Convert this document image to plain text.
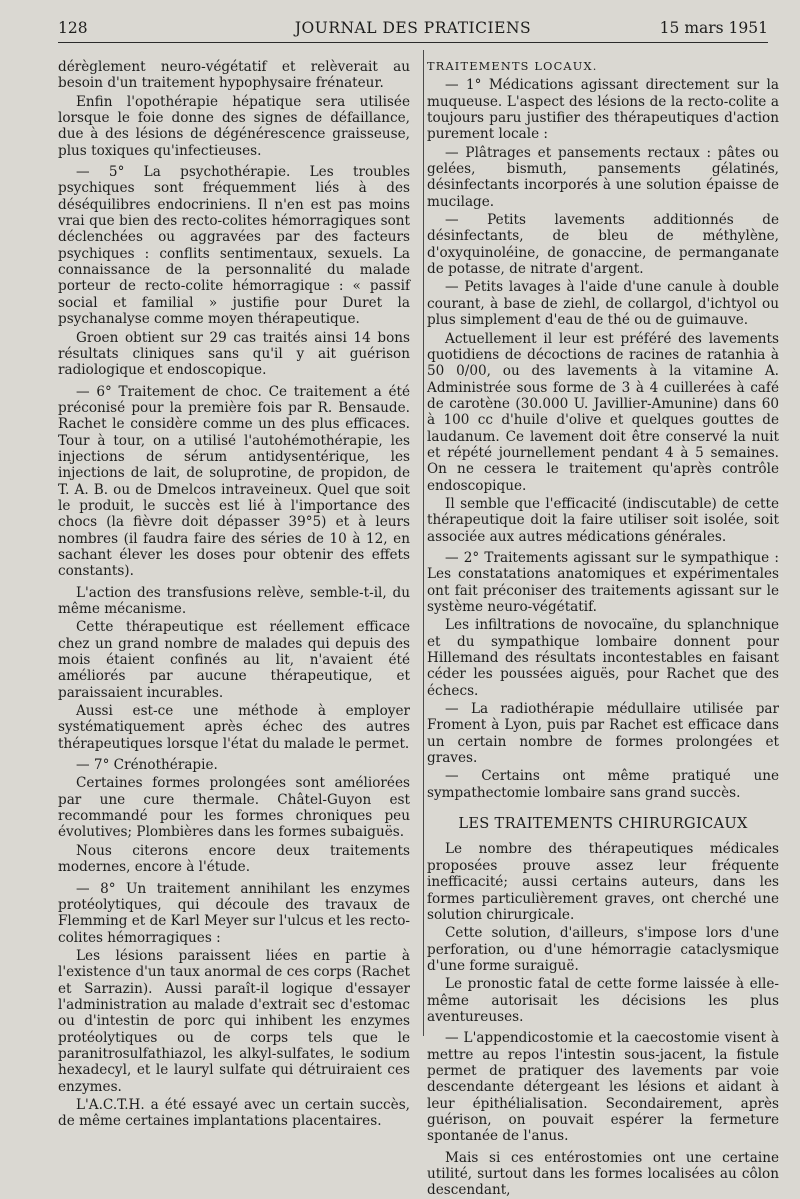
128	JOURNAL DES PRATICIENS	15 mars 1951

dérèglement neuro-végétatif et relèverait au besoin d'un traitement hypophysaire frénateur.

Enfin l'opothérapie hépatique sera utilisée lorsque le foie donne des signes de défaillance, due à des lésions de dégénérescence graisseuse, plus toxiques qu'infectieuses.

— 5° La psychothérapie. Les troubles psychiques sont fréquemment liés à des déséquilibres endocriniens. Il n'en est pas moins vrai que bien des recto-colites hémorragiques sont déclenchées ou aggravées par des facteurs psychiques : conflits sentimentaux, sexuels. La connaissance de la personnalité du malade porteur de recto-colite hémorragique : « passif social et familial » justifie pour Duret la psychanalyse comme moyen thérapeutique.

Groen obtient sur 29 cas traités ainsi 14 bons résultats cliniques sans qu'il y ait guérison radiologique et endoscopique.

— 6° Traitement de choc. Ce traitement a été préconisé pour la première fois par R. Bensaude. Rachet le considère comme un des plus efficaces. Tour à tour, on a utilisé l'autohémothérapie, les injections de sérum antidysentérique, les injections de lait, de soluprotine, de propidon, de T. A. B. ou de Dmelcos intraveineux. Quel que soit le produit, le succès est lié à l'importance des chocs (la fièvre doit dépasser 39°5) et à leurs nombres (il faudra faire des séries de 10 à 12, en sachant élever les doses pour obtenir des effets constants).

L'action des transfusions relève, semble-t-il, du même mécanisme.

Cette thérapeutique est réellement efficace chez un grand nombre de malades qui depuis des mois étaient confinés au lit, n'avaient été améliorés par aucune thérapeutique, et paraissaient incurables.

Aussi est-ce une méthode à employer systématiquement après échec des autres thérapeutiques lorsque l'état du malade le permet.

— 7° Crénothérapie.

Certaines formes prolongées sont améliorées par une cure thermale. Châtel-Guyon est recommandé pour les formes chroniques peu évolutives; Plombières dans les formes subaiguës.

Nous citerons encore deux traitements modernes, encore à l'étude.

— 8° Un traitement annihilant les enzymes protéolytiques, qui découle des travaux de Flemming et de Karl Meyer sur l'ulcus et les recto-colites hémorragiques :

Les lésions paraissent liées en partie à l'existence d'un taux anormal de ces corps (Rachet et Sarrazin). Aussi paraît-il logique d'essayer l'administration au malade d'extrait sec d'estomac ou d'intestin de porc qui inhibent les enzymes protéolytiques ou de corps tels que le paranitrosulfathiazol, les alkyl-sulfates, le sodium hexadecyl, et le lauryl sulfate qui détruiraient ces enzymes.

L'A.C.T.H. a été essayé avec un certain succès, de même certaines implantations placentaires.

TRAITEMENTS LOCAUX.

— 1° Médications agissant directement sur la muqueuse. L'aspect des lésions de la recto-colite a toujours paru justifier des thérapeutiques d'action purement locale :

— Plâtrages et pansements rectaux : pâtes ou gelées, bismuth, pansements gélatinés, désinfectants incorporés à une solution épaisse de mucilage.

— Petits lavements additionnés de désinfectants, de bleu de méthylène, d'oxyquinoléine, de gonaccine, de permanganate de potasse, de nitrate d'argent.

— Petits lavages à l'aide d'une canule à double courant, à base de ziehl, de collargol, d'ichtyol ou plus simplement d'eau de thé ou de guimauve.

Actuellement il leur est préféré des lavements quotidiens de décoctions de racines de ratanhia à 50 0/00, ou des lavements à la vitamine A. Administrée sous forme de 3 à 4 cuillerées à café de carotène (30.000 U. Javillier-Amunine) dans 60 à 100 cc d'huile d'olive et quelques gouttes de laudanum. Ce lavement doit être conservé la nuit et répété journellement pendant 4 à 5 semaines. On ne cessera le traitement qu'après contrôle endoscopique.

Il semble que l'efficacité (indiscutable) de cette thérapeutique doit la faire utiliser soit isolée, soit associée aux autres médications générales.

— 2° Traitements agissant sur le sympathique : Les constatations anatomiques et expérimentales ont fait préconiser des traitements agissant sur le système neuro-végétatif.

Les infiltrations de novocaïne, du splanchnique et du sympathique lombaire donnent pour Hillemand des résultats incontestables en faisant céder les poussées aiguës, pour Rachet que des échecs.

— La radiothérapie médullaire utilisée par Froment à Lyon, puis par Rachet est efficace dans un certain nombre de formes prolongées et graves.

— Certains ont même pratiqué une sympathectomie lombaire sans grand succès.

LES TRAITEMENTS CHIRURGICAUX

Le nombre des thérapeutiques médicales proposées prouve assez leur fréquente inefficacité; aussi certains auteurs, dans les formes particulièrement graves, ont cherché une solution chirurgicale.

Cette solution, d'ailleurs, s'impose lors d'une perforation, ou d'une hémorragie cataclysmique d'une forme suraiguë.

Le pronostic fatal de cette forme laissée à elle-même autorisait les décisions les plus aventureuses.

— L'appendicostomie et la caecostomie visent à mettre au repos l'intestin sous-jacent, la fistule permet de pratiquer des lavements par voie descendante détergeant les lésions et aidant à leur épithélialisation. Secondairement, après guérison, on pouvait espérer la fermeture spontanée de l'anus.

Mais si ces entérostomies ont une certaine utilité, surtout dans les formes localisées au côlon descendant,
